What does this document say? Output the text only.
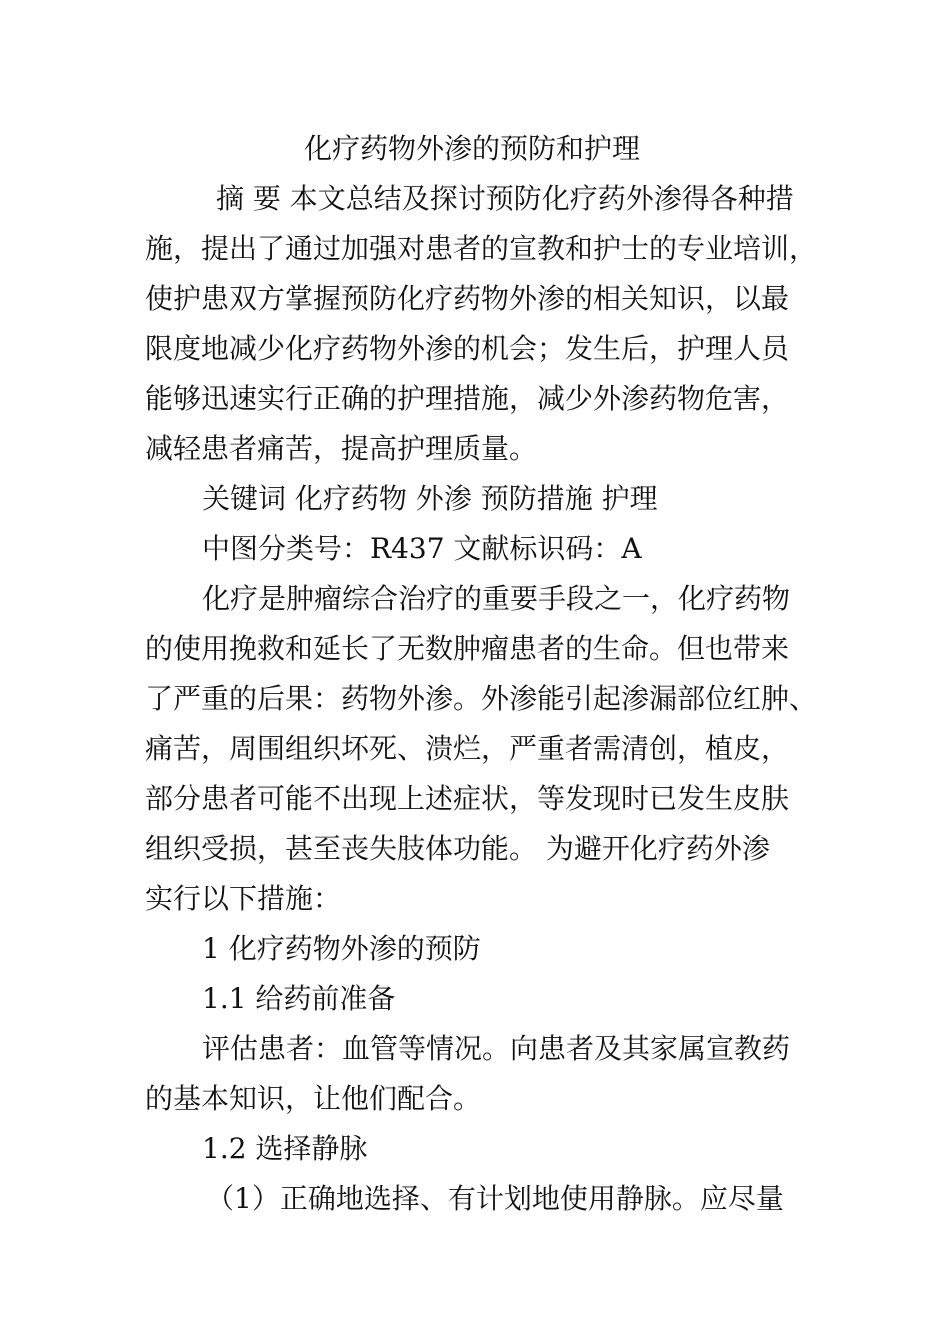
化疗药物外渗的预防和护理
摘 要 本文总结及探讨预防化疗药外渗得各种措
施，提出了通过加强对患者的宣教和护士的专业培训，
使护患双方掌握预防化疗药物外渗的相关知识，以最
限度地减少化疗药物外渗的机会；发生后，护理人员
能够迅速实行正确的护理措施，减少外渗药物危害，
减轻患者痛苦，提高护理质量。
关键词 化疗药物 外渗 预防措施 护理
中图分类号：R437 文献标识码：A
化疗是肿瘤综合治疗的重要手段之一，化疗药物
的使用挽救和延长了无数肿瘤患者的生命。但也带来
了严重的后果：药物外渗。外渗能引起渗漏部位红肿、
痛苦，周围组织坏死、溃烂，严重者需清创，植皮，
部分患者可能不出现上述症状，等发现时已发生皮肤
组织受损，甚至丧失肢体功能。 为避开化疗药外渗
实行以下措施：
1 化疗药物外渗的预防
1.1 给药前准备
评估患者：血管等情况。向患者及其家属宣教药
的基本知识，让他们配合。
1.2 选择静脉
（1）正确地选择、有计划地使用静脉。应尽量
